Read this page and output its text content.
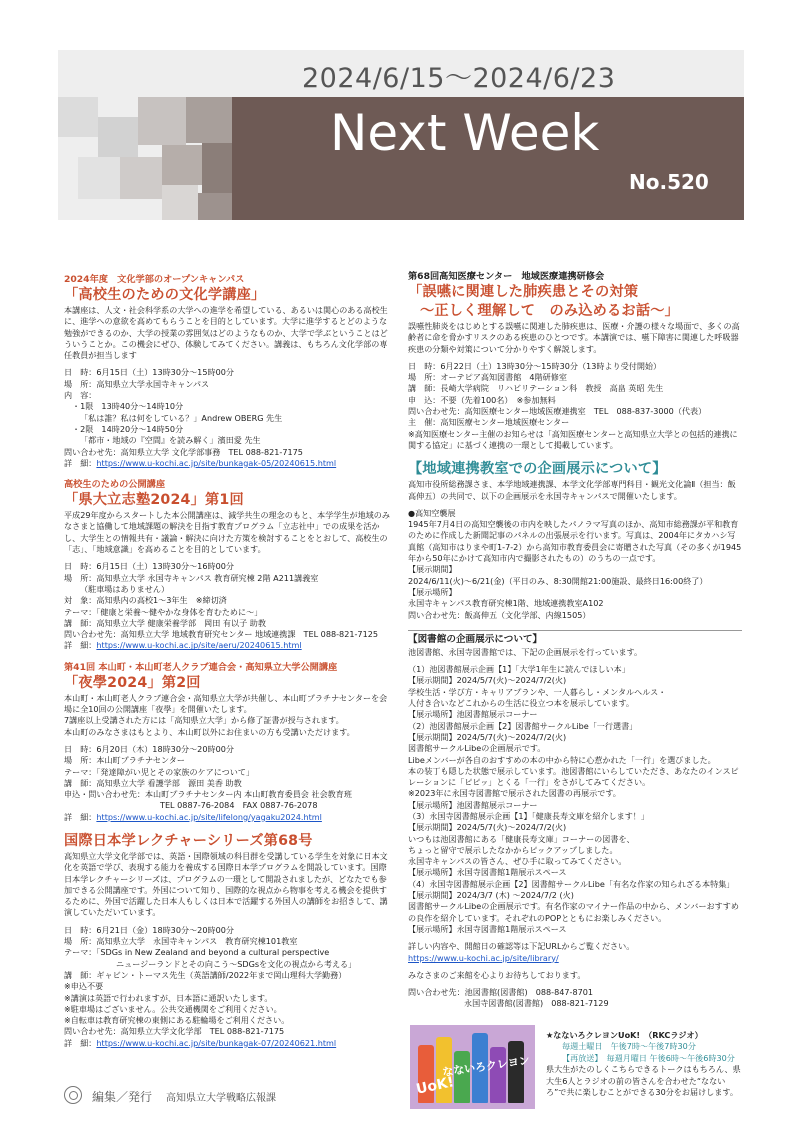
2024/6/15～2024/6/23
Next Week
No.520
2024年度　文化学部のオープンキャンパス
「高校生のための文化学講座」

本講座は、人文・社会科学系の大学への進学を希望している、あるいは関心のある高校生に、進学への意欲を高めてもらうことを目的としています。大学に進学するとどのような勉強ができるのか、大学の授業の雰囲気はどのようなものか、大学で学ぶということはどういうことか。この機会にぜひ、体験してみてください。講義は、もちろん文化学部の専任教員が担当します

日　時：6月15日（土）13時30分～15時00分
場　所：高知県立大学永国寺キャンパス
内　容：
・1限　13時40分～14時10分
「私は誰？私は何をしている？」Andrew OBERG 先生
・2限　14時20分～14時50分
「都市・地域の『空間』を読み解く」濱田愛 先生
問い合わせ先：高知県立大学 文化学部事務　TEL 088-821-7175
詳　細：https://www.u-kochi.ac.jp/site/bunkagak-05/20240615.html
高校生のための公開講座
「県大立志塾2024」第1回

平成29年度からスタートした本公開講座は、減学共生の理念のもと、本学学生が地域のみなさまと協働して地域課題の解決を目指す教育プログラム「立志社中」での成果を活かし、大学生との情報共有・議論・解決に向けた方策を検討することをとおして、高校生の「志」、「地域意識」を高めることを目的としています。

日　時：6月15日（土）13時30分～16時00分
場　所：高知県立大学 永国寺キャンパス 教育研究棟 2階 A211講義室
（駐車場はありません）
対　象：高知県内の高校1～3年生　※締切済
テーマ：「健康と栄養～健やかな身体を育むために～」
講　師：高知県立大学 健康栄養学部　岡田 有以子 助教
問い合わせ先：高知県立大学 地域教育研究センター 地域連携課　TEL 088-821-7125
詳　細：https://www.u-kochi.ac.jp/site/aeru/20240615.html
第41回 本山町・本山町老人クラブ連合会・高知県立大学公開講座
「夜學2024」第2回

本山町・本山町老人クラブ連合会・高知県立大学が共催し、本山町プラチナセンターを会場に全10回の公開講座「夜學」を開催いたします。

7講座以上受講された方には「高知県立大学」から修了証書が授与されます。

本山町のみなさまはもとより、本山町以外にお住まいの方も受講いただけます。

日　時：6月20日（木）18時30分～20時00分
場　所：本山町プラチナセンター
テーマ：「発達障がい児とその家族のケアについて」
講　師：高知県立大学 看護学部　源田 美香 助教
申込・問い合わせ先：本山町プラチナセンター内 本山町教育委員会 社会教育班
TEL 0887-76-2084　FAX 0887-76-2078
詳　細：https://www.u-kochi.ac.jp/site/lifelong/yagaku2024.html
国際日本学レクチャーシリーズ第68号

高知県立大学文化学部では、英語・国際領域の科目群を受講している学生を対象に日本文化を英語で学び、表現する能力を養成する国際日本学プログラムを開設しています。国際日本学レクチャーシリーズは、プログラムの一環として開設されましたが、どなたでも参加できる公開講座です。外国について知り、国際的な視点から物事を考える機会を提供するために、外国で活躍した日本人もしくは日本で活躍する外国人の講師をお招きして、講演していただいています。

日　時：6月21日（金）18時30分～20時00分
場　所：高知県立大学　永国寺キャンパス　教育研究棟101教室
テーマ：「SDGs in New Zealand and beyond a cultural perspective
ニュージーランドとその向こう〜SDGsを文化の視点から考える」
講　師：ギャビン・トーマス先生（英語講師/2022年まで岡山理科大学勤務）
※申込不要
※講演は英語で行われますが、日本語に通訳いたします。
※駐車場はございません。公共交通機関をご利用ください。
※自転車は教育研究棟の東側にある駐輪場をご利用ください。
問い合わせ先：高知県立大学文化学部　TEL 088-821-7175
詳　細：https://www.u-kochi.ac.jp/site/bunkagak-07/20240621.html
第68回高知医療センター　地域医療連携研修会
「誤嚥に関連した肺疾患とその対策
～正しく理解して　のみ込めるお話～」

誤嚥性肺炎をはじめとする誤嚥に関連した肺疾患は、医療・介護の様々な場面で、多くの高齢者に命を脅かすリスクのある疾患のひとつです。本講演では、嚥下障害に関連した呼吸器疾患の分類や対策について分かりやすく解説します。

日　時：6月22日（土）13時30分～15時30分（13時より受付開始）
場　所：オーテピア高知図書館　4階研修室
講　師：長崎大学病院　リハビリテーション科　教授　高畠 英昭 先生
申　込：不要（先着100名）　※参加無料
問い合わせ先：高知医療センター地域医療連携室　TEL　088-837-3000（代表）
主　催：高知医療センター地域医療センター
※高知医療センター主催のお知らせは「高知医療センターと高知県立大学との包括的連携に関する協定」に基づく連携の一環として掲載しています。
【地域連携教室での企画展示について】

高知市役所総務課さま、本学地域連携課、本学文化学部専門科目・観光文化論Ⅱ（担当：飯高伸五）の共同で、以下の企画展示を永国寺キャンパスで開催いたします。

●高知空襲展

1945年7月4日の高知空襲後の市内を映したパノラマ写真のほか、高知市総務課が平和教育のために作成した新聞記事のパネルの出張展示を行います。写真は、2004年にタカハシ写真館（高知市はりまや町1-7-2）から高知市教育委員会に寄贈された写真（その多くが1945年から50年にかけて高知市内で撮影されたもの）のうちの一点です。

【展示期間】
2024/6/11(火)～6/21(金)（平日のみ、8:30開館21:00施設、最終日16:00終了）
【展示場所】
永国寺キャンパス教育研究棟1階、地域連携教室A102
問い合わせ先：飯高伸五（文化学部、内線1505）
【図書館の企画展示について】
池図書館、永国寺図書館では、下記の企画展示を行っています。
（1）池図書館展示企画【1】「大学1年生に読んでほしい本」
【展示期間】2024/5/7(火)～2024/7/2(火)
学校生活・学び方・キャリアプランや、一人暮らし・メンタルヘルス・
人付き合いなどこれからの生活に役立つ本を展示しています。
【展示場所】池図書館展示コーナー
（2）池図書館展示企画【2】図書館サークルLibe「一行選書」
【展示期間】2024/5/7(火)～2024/7/2(火)
図書館サークルLibeの企画展示です。
Libeメンバーが各自のおすすめの本の中から特に心惹かれた「一行」を選びました。
本の装丁も隠した状態で展示しています。池図書館にいらしていただき、あなたのインスピレーションに「ピピッ」とくる「一行」をさがしてみてください。
※2023年に永国寺図書館で展示された図書の再展示です。
【展示場所】池図書館展示コーナー
（3）永国寺図書館展示企画【1】「健康長寿文庫を紹介します！」
【展示期間】2024/5/7(火)～2024/7/2(火)
いつもは池図書館にある「健康長寿文庫」コーナーの図書を、
ちょっと留守で展示したなかからピックアップしました。
永国寺キャンパスの皆さん、ぜひ手に取ってみてください。
【展示場所】永国寺図書館1階展示スペース
（4）永国寺図書館展示企画【2】図書館サークルLibe「有名な作家の知られざる本特集」
【展示期間】2024/3/7 (木) ～2024/7/2 (火)
図書館サークルLibeの企画展示です。有名作家のマイナー作品の中から、メンバーおすすめの良作を紹介しています。それぞれのPOPとともにお楽しみください。
【展示場所】永国寺図書館1階展示スペース
詳しい内容や、開館日の確認等は下記URLからご覧ください。
https://www.u-kochi.ac.jp/site/library/
みなさまのご来館を心よりお待ちしております。
問い合わせ先：池図書館(図書館)　088-847-8701
永国寺図書館(図書館)　088-821-7129
なないろクレヨン
UoK!
★なないろクレヨンUoK!　（RKCラジオ）
毎週土曜日　午後7時～午後7時30分
【再放送】　毎週月曜日 午後6時～午後6時30分
県大生がたのしくこちらできるトークはもちろん、県大生6人とラジオの前の皆さんを合わせた“なないろ”で共に楽しむことができる30分をお届けします。
編集／発行 高知県立大学戦略広報課
